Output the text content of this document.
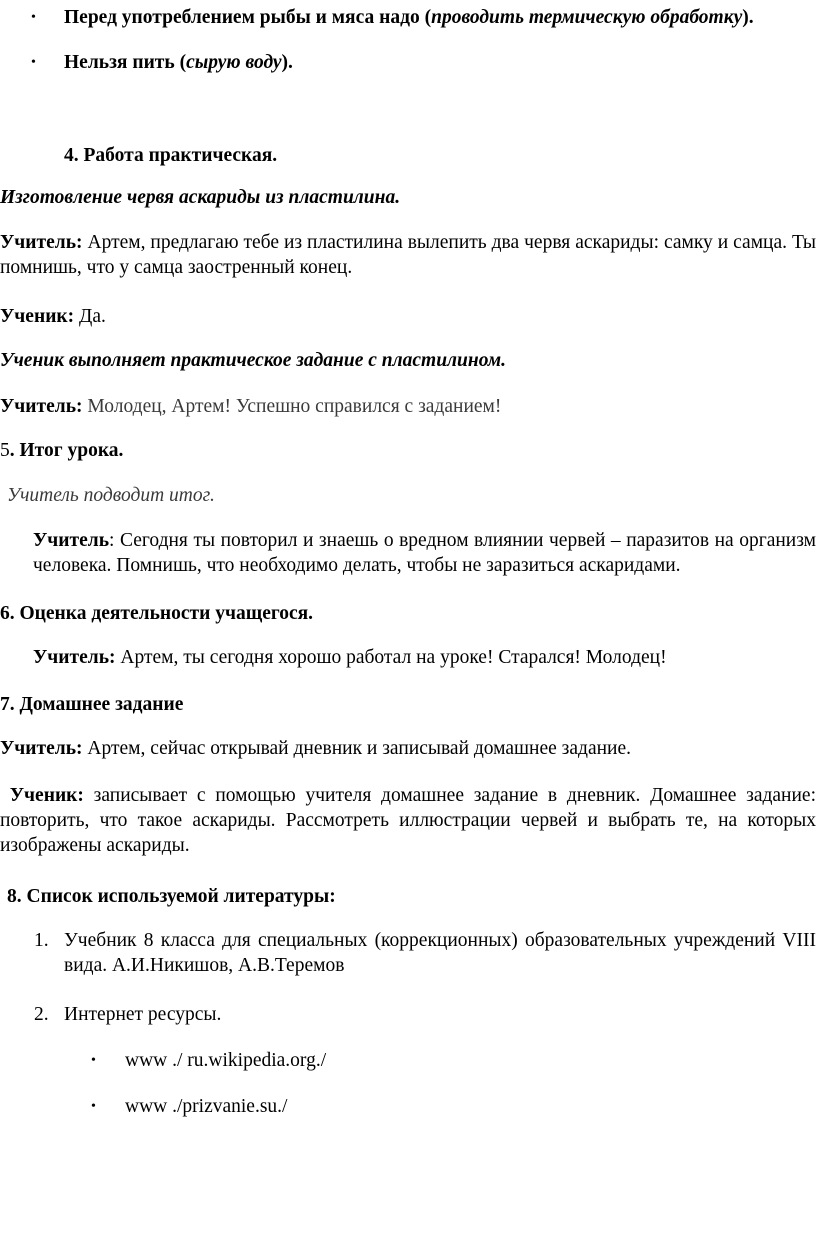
• Перед употреблением рыбы и мяса надо (проводить термическую обработку).

• Нельзя пить (сырую воду).

4. Работа практическая.
Изготовление червя аскариды из пластилина.

Учитель: Артем, предлагаю тебе из пластилина вылепить два червя аскариды: самку и самца. Ты помнишь, что у самца заостренный конец.

Ученик: Да.

Ученик выполняет практическое задание с пластилином.

Учитель: Молодец, Артем! Успешно справился с заданием!

5. Итог урока.

Учитель подводит итог.

Учитель: Сегодня ты повторил и знаешь о вредном влиянии червей – паразитов на организм человека. Помнишь, что необходимо делать, чтобы не заразиться аскаридами.

6. Оценка деятельности учащегося.

Учитель: Артем, ты сегодня хорошо работал на уроке! Старался! Молодец!

7. Домашнее задание

Учитель: Артем, сейчас открывай дневник и записывай домашнее задание.

Ученик: записывает с помощью учителя домашнее задание в дневник. Домашнее задание: повторить, что такое аскариды. Рассмотреть иллюстрации червей и выбрать те, на которых изображены аскариды.

8. Список используемой литературы:
1. Учебник 8 класса для специальных (коррекционных) образовательных учреждений VIII вида. А.И.Никишов, А.В.Теремов

2. Интернет ресурсы.

• www ./ ru.wikipedia.org./
• www ./prizvanie.su./
